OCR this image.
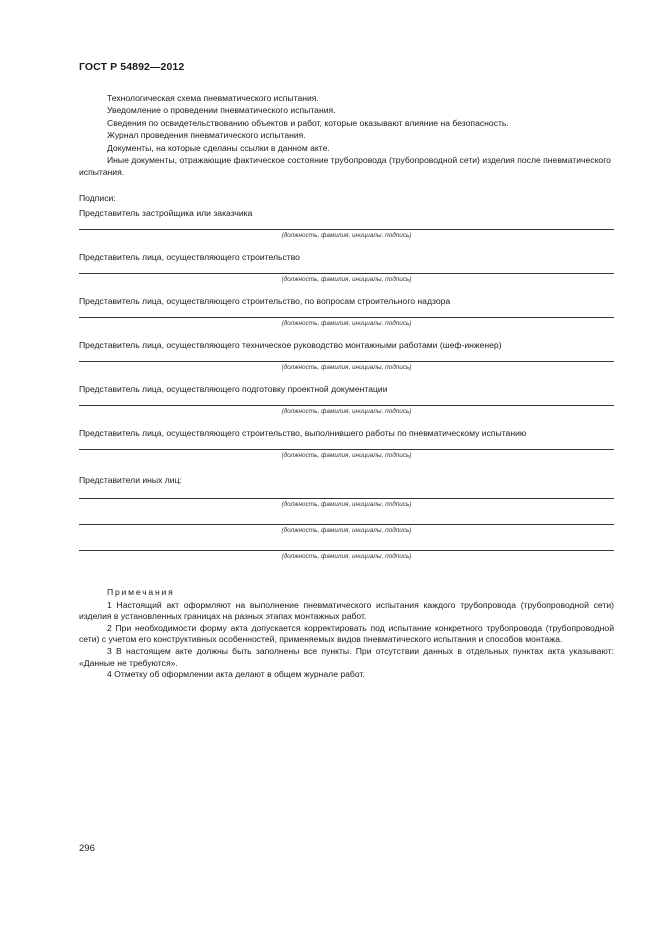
ГОСТ Р 54892—2012

Технологическая схема пневматического испытания.

Уведомление о проведении пневматического испытания.

Сведения по освидетельствованию объектов и работ, которые оказывают влияние на безопасность.

Журнал проведения пневматического испытания.

Документы, на которые сделаны ссылки в данном акте.

Иные документы, отражающие фактическое состояние трубопровода (трубопроводной сети) изделия после пневматического испытания.

Подписи:
Представитель застройщика или заказчика
(должность, фамилия, инициалы, подпись)
Представитель лица, осуществляющего строительство
(должность, фамилия, инициалы, подпись)
Представитель лица, осуществляющего строительство, по вопросам строительного надзора
(должность, фамилия, инициалы, подпись)
Представитель лица, осуществляющего техническое руководство монтажными работами (шеф-инженер)
(должность, фамилия, инициалы, подпись)
Представитель лица, осуществляющего подготовку проектной документации
(должность, фамилия, инициалы, подпись)
Представитель лица, осуществляющего строительство, выполнившего работы по пневматическому испытанию
(должность, фамилия, инициалы, подпись)
Представители иных лиц:
(должность, фамилия, инициалы, подпись)
(должность, фамилия, инициалы, подпись)
(должность, фамилия, инициалы, подпись)
Примечания

1 Настоящий акт оформляют на выполнение пневматического испытания каждого трубопровода (трубопроводной сети) изделия в установленных границах на разных этапах монтажных работ.

2 При необходимости форму акта допускается корректировать под испытание конкретного трубопровода (трубопроводной сети) с учетом его конструктивных особенностей, применяемых видов пневматического испытания и способов монтажа.

3 В настоящем акте должны быть заполнены все пункты. При отсутствии данных в отдельных пунктах акта указывают: «Данные не требуются».

4 Отметку об оформлении акта делают в общем журнале работ.

296
